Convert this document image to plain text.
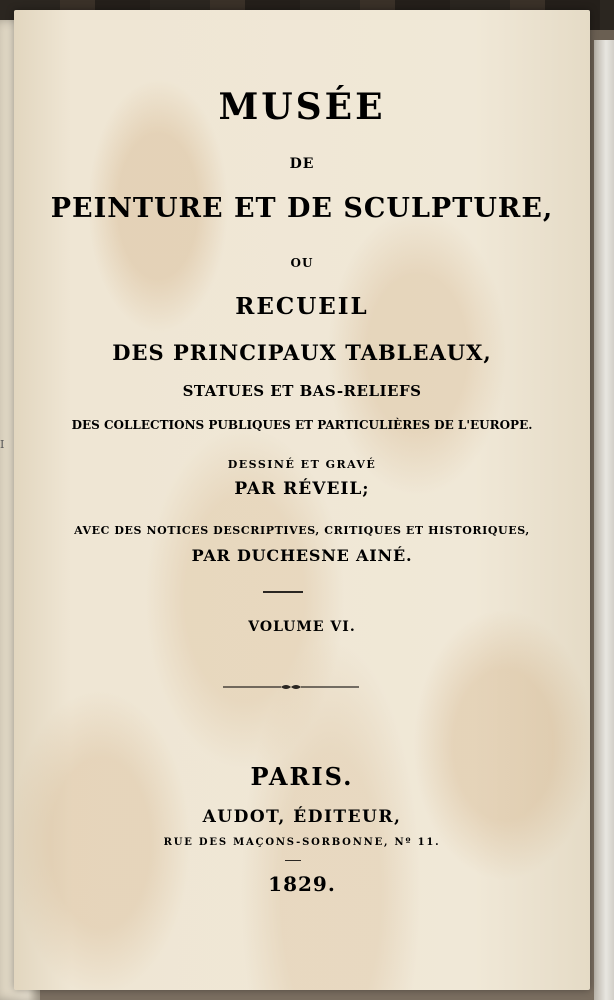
I
MUSÉE
DE
PEINTURE ET DE SCULPTURE,
OU
RECUEIL
DES PRINCIPAUX TABLEAUX,
STATUES ET BAS-RELIEFS
DES COLLECTIONS PUBLIQUES ET PARTICULIÈRES DE L'EUROPE.
DESSINÉ ET GRAVÉ
PAR RÉVEIL;
AVEC DES NOTICES DESCRIPTIVES, CRITIQUES ET HISTORIQUES,
PAR DUCHESNE AINÉ.
VOLUME VI.
PARIS.
AUDOT, ÉDITEUR,
RUE DES MAÇONS-SORBONNE, Nº 11.
1829.
